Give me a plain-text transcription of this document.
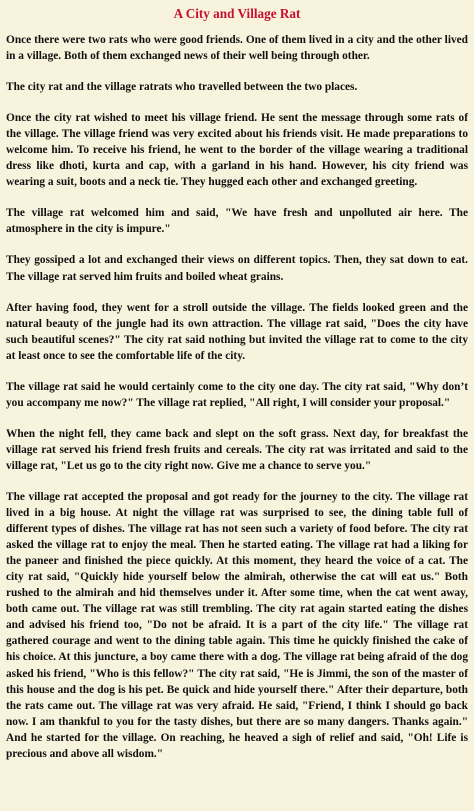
A City and Village Rat
Once there were two rats who were good friends. One of them lived in a city and the other lived in a village. Both of them exchanged news of their well being through other.
The city rat and the village ratrats who travelled between the two places.
Once the city rat wished to meet his village friend. He sent the message through some rats of the village. The village friend was very excited about his friends visit. He made preparations to welcome him. To receive his friend, he went to the border of the village wearing a traditional dress like dhoti, kurta and cap, with a garland in his hand. However, his city friend was wearing a suit, boots and a neck tie. They hugged each other and exchanged greeting.
The village rat welcomed him and said, "We have fresh and unpolluted air here. The atmosphere in the city is impure."
They gossiped a lot and exchanged their views on different topics. Then, they sat down to eat. The village rat served him fruits and boiled wheat grains.
After having food, they went for a stroll outside the village. The fields looked green and the natural beauty of the jungle had its own attraction. The village rat said, "Does the city have such beautiful scenes?" The city rat said nothing but invited the village rat to come to the city at least once to see the comfortable life of the city.
The village rat said he would certainly come to the city one day. The city rat said, "Why don’t you accompany me now?" The village rat replied, "All right, I will consider your proposal."
When the night fell, they came back and slept on the soft grass. Next day, for breakfast the village rat served his friend fresh fruits and cereals. The city rat was irritated and said to the village rat, "Let us go to the city right now. Give me a chance to serve you."
The village rat accepted the proposal and got ready for the journey to the city. The village rat lived in a big house. At night the village rat was surprised to see, the dining table full of different types of dishes. The village rat has not seen such a variety of food before. The city rat asked the village rat to enjoy the meal. Then he started eating. The village rat had a liking for the paneer and finished the piece quickly. At this moment, they heard the voice of a cat. The city rat said, "Quickly hide yourself below the almirah, otherwise the cat will eat us." Both rushed to the almirah and hid themselves under it. After some time, when the cat went away, both came out. The village rat was still trembling. The city rat again started eating the dishes and advised his friend too, "Do not be afraid. It is a part of the city life." The village rat gathered courage and went to the dining table again. This time he quickly finished the cake of his choice. At this juncture, a boy came there with a dog. The village rat being afraid of the dog asked his friend, "Who is this fellow?" The city rat said, "He is Jimmi, the son of the master of this house and the dog is his pet. Be quick and hide yourself there." After their departure, both the rats came out. The village rat was very afraid. He said, "Friend, I think I should go back now. I am thankful to you for the tasty dishes, but there are so many dangers. Thanks again." And he started for the village. On reaching, he heaved a sigh of relief and said, "Oh! Life is precious and above all wisdom."
